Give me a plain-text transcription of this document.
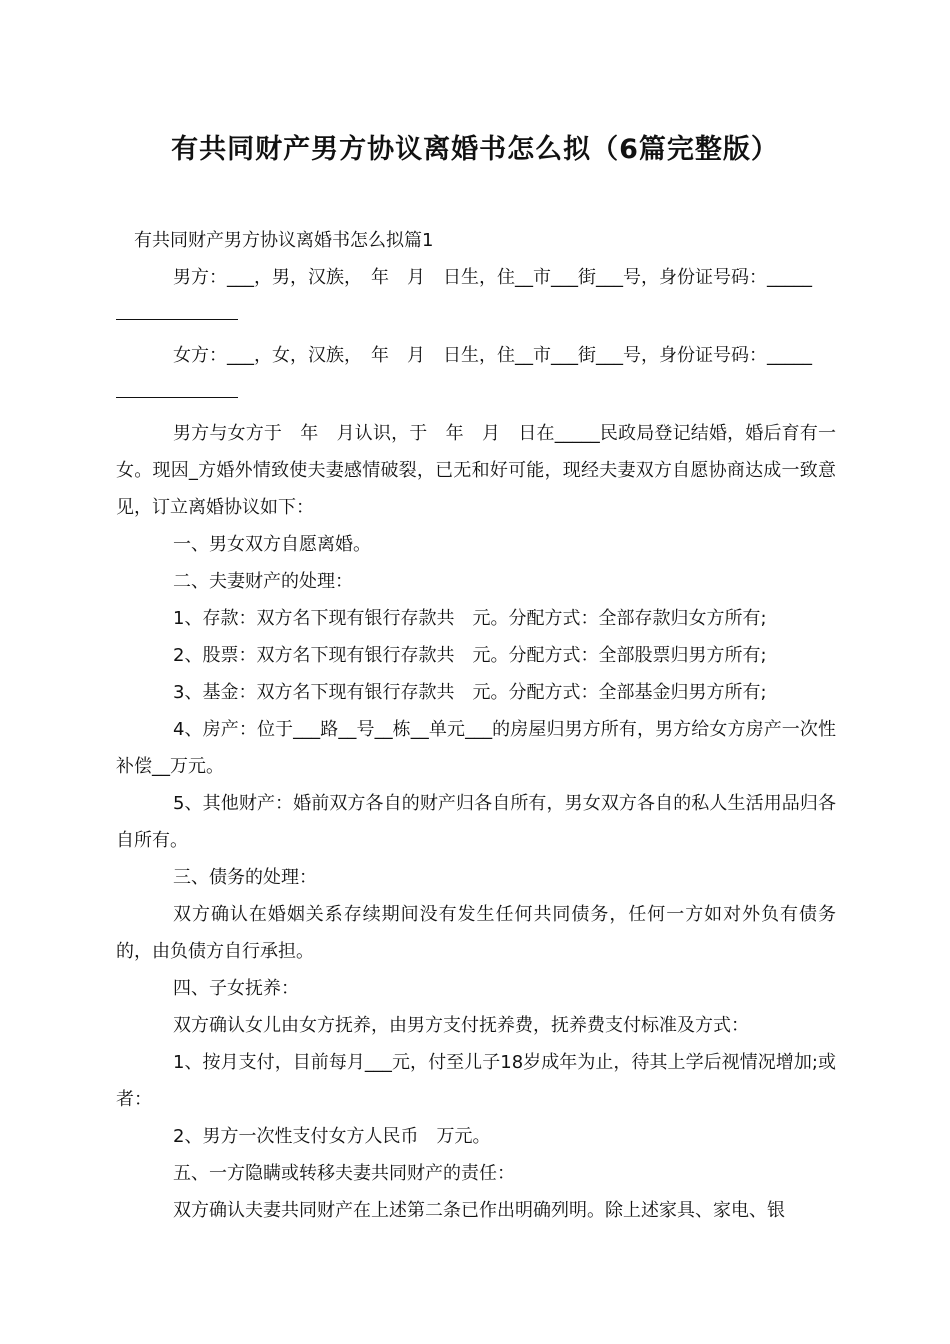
有共同财产男方协议离婚书怎么拟（6篇完整版）

有共同财产男方协议离婚书怎么拟篇1

男方：___，男，汉族，　年　月　日生，住__市___街___号，身份证号码：_____

女方：___，女，汉族，　年　月　日生，住__市___街___号，身份证号码：_____

男方与女方于　年　月认识，于　年　月　日在_____民政局登记结婚，婚后育有一女。现因_方婚外情致使夫妻感情破裂，已无和好可能，现经夫妻双方自愿协商达成一致意见，订立离婚协议如下：

一、男女双方自愿离婚。

二、夫妻财产的处理：

1、存款：双方名下现有银行存款共　元。分配方式：全部存款归女方所有;

2、股票：双方名下现有银行存款共　元。分配方式：全部股票归男方所有;

3、基金：双方名下现有银行存款共　元。分配方式：全部基金归男方所有;

4、房产：位于___路__号__栋__单元___的房屋归男方所有，男方给女方房产一次性补偿__万元。

5、其他财产：婚前双方各自的财产归各自所有，男女双方各自的私人生活用品归各自所有。

三、债务的处理：

双方确认在婚姻关系存续期间没有发生任何共同债务，任何一方如对外负有债务的，由负债方自行承担。

四、子女抚养：

双方确认女儿由女方抚养，由男方支付抚养费，抚养费支付标准及方式：

1、按月支付，目前每月___元，付至儿子18岁成年为止，待其上学后视情况增加;或者：

2、男方一次性支付女方人民币　万元。

五、一方隐瞒或转移夫妻共同财产的责任：

双方确认夫妻共同财产在上述第二条已作出明确列明。除上述家具、家电、银
